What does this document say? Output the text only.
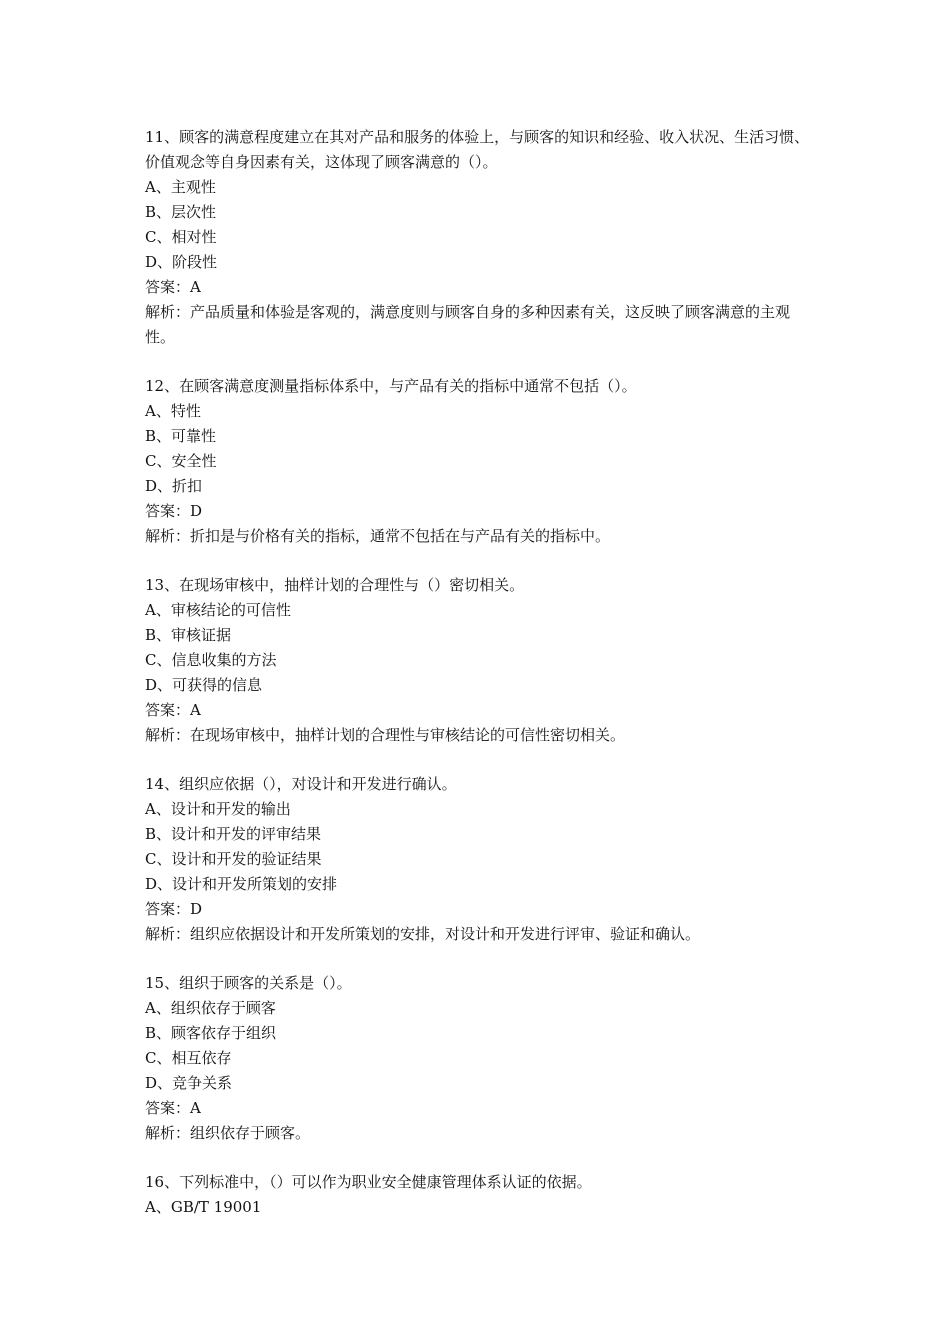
11、顾客的满意程度建立在其对产品和服务的体验上，与顾客的知识和经验、收入状况、生活习惯、价值观念等自身因素有关，这体现了顾客满意的（）。
A、主观性
B、层次性
C、相对性
D、阶段性
答案：A
解析：产品质量和体验是客观的，满意度则与顾客自身的多种因素有关，这反映了顾客满意的主观性。
12、在顾客满意度测量指标体系中，与产品有关的指标中通常不包括（）。
A、特性
B、可靠性
C、安全性
D、折扣
答案：D
解析：折扣是与价格有关的指标，通常不包括在与产品有关的指标中。
13、在现场审核中，抽样计划的合理性与（）密切相关。
A、审核结论的可信性
B、审核证据
C、信息收集的方法
D、可获得的信息
答案：A
解析：在现场审核中，抽样计划的合理性与审核结论的可信性密切相关。
14、组织应依据（），对设计和开发进行确认。
A、设计和开发的输出
B、设计和开发的评审结果
C、设计和开发的验证结果
D、设计和开发所策划的安排
答案：D
解析：组织应依据设计和开发所策划的安排，对设计和开发进行评审、验证和确认。
15、组织于顾客的关系是（）。
A、组织依存于顾客
B、顾客依存于组织
C、相互依存
D、竞争关系
答案：A
解析：组织依存于顾客。
16、下列标准中，（）可以作为职业安全健康管理体系认证的依据。
A、GB/T 19001
